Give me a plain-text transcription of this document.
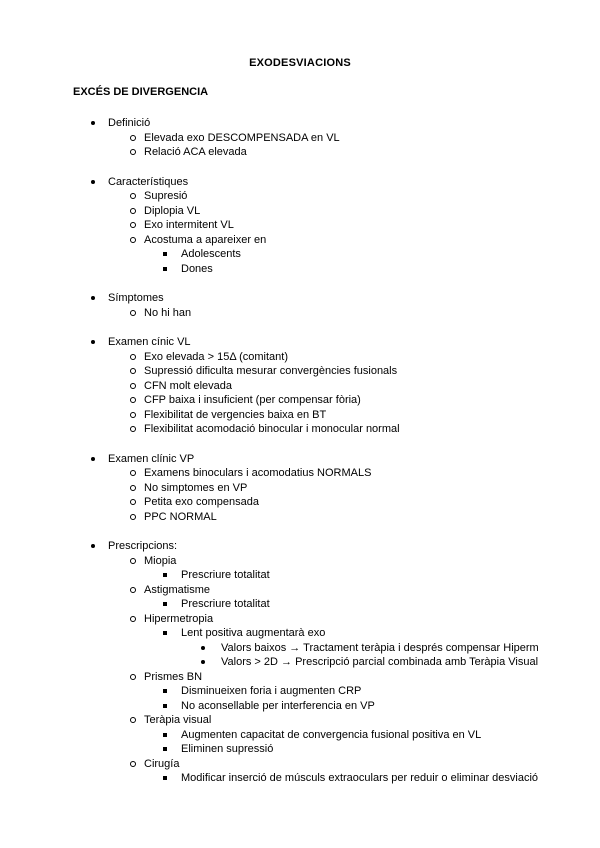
EXODESVIACIONS
EXCÉS DE DIVERGENCIA
Definició
Elevada exo DESCOMPENSADA en VL
Relació ACA elevada
Característiques
Supresió
Diplopia VL
Exo intermitent VL
Acostuma a apareixer en
Adolescents
Dones
Símptomes
No hi han
Examen cínic VL
Exo elevada > 15Δ (comitant)
Supressió dificulta mesurar convergències fusionals
CFN molt elevada
CFP baixa i insuficient (per compensar fòria)
Flexibilitat de vergencies baixa en BT
Flexibilitat acomodació binocular i monocular normal
Examen clínic VP
Examens binoculars i acomodatius NORMALS
No simptomes en VP
Petita exo compensada
PPC NORMAL
Prescripcions:
Miopia
Prescriure totalitat
Astigmatisme
Prescriure totalitat
Hipermetropia
Lent positiva augmentarà exo
Valors baixos → Tractament teràpia i després compensar Hiperm
Valors > 2D → Prescripció parcial combinada amb Teràpia Visual
Prismes BN
Disminueixen foria i augmenten CRP
No aconsellable per interferencia en VP
Teràpia visual
Augmenten capacitat de convergencia fusional positiva en VL
Eliminen supressió
Cirugía
Modificar inserció de músculs extraoculars per reduir o eliminar desviació
